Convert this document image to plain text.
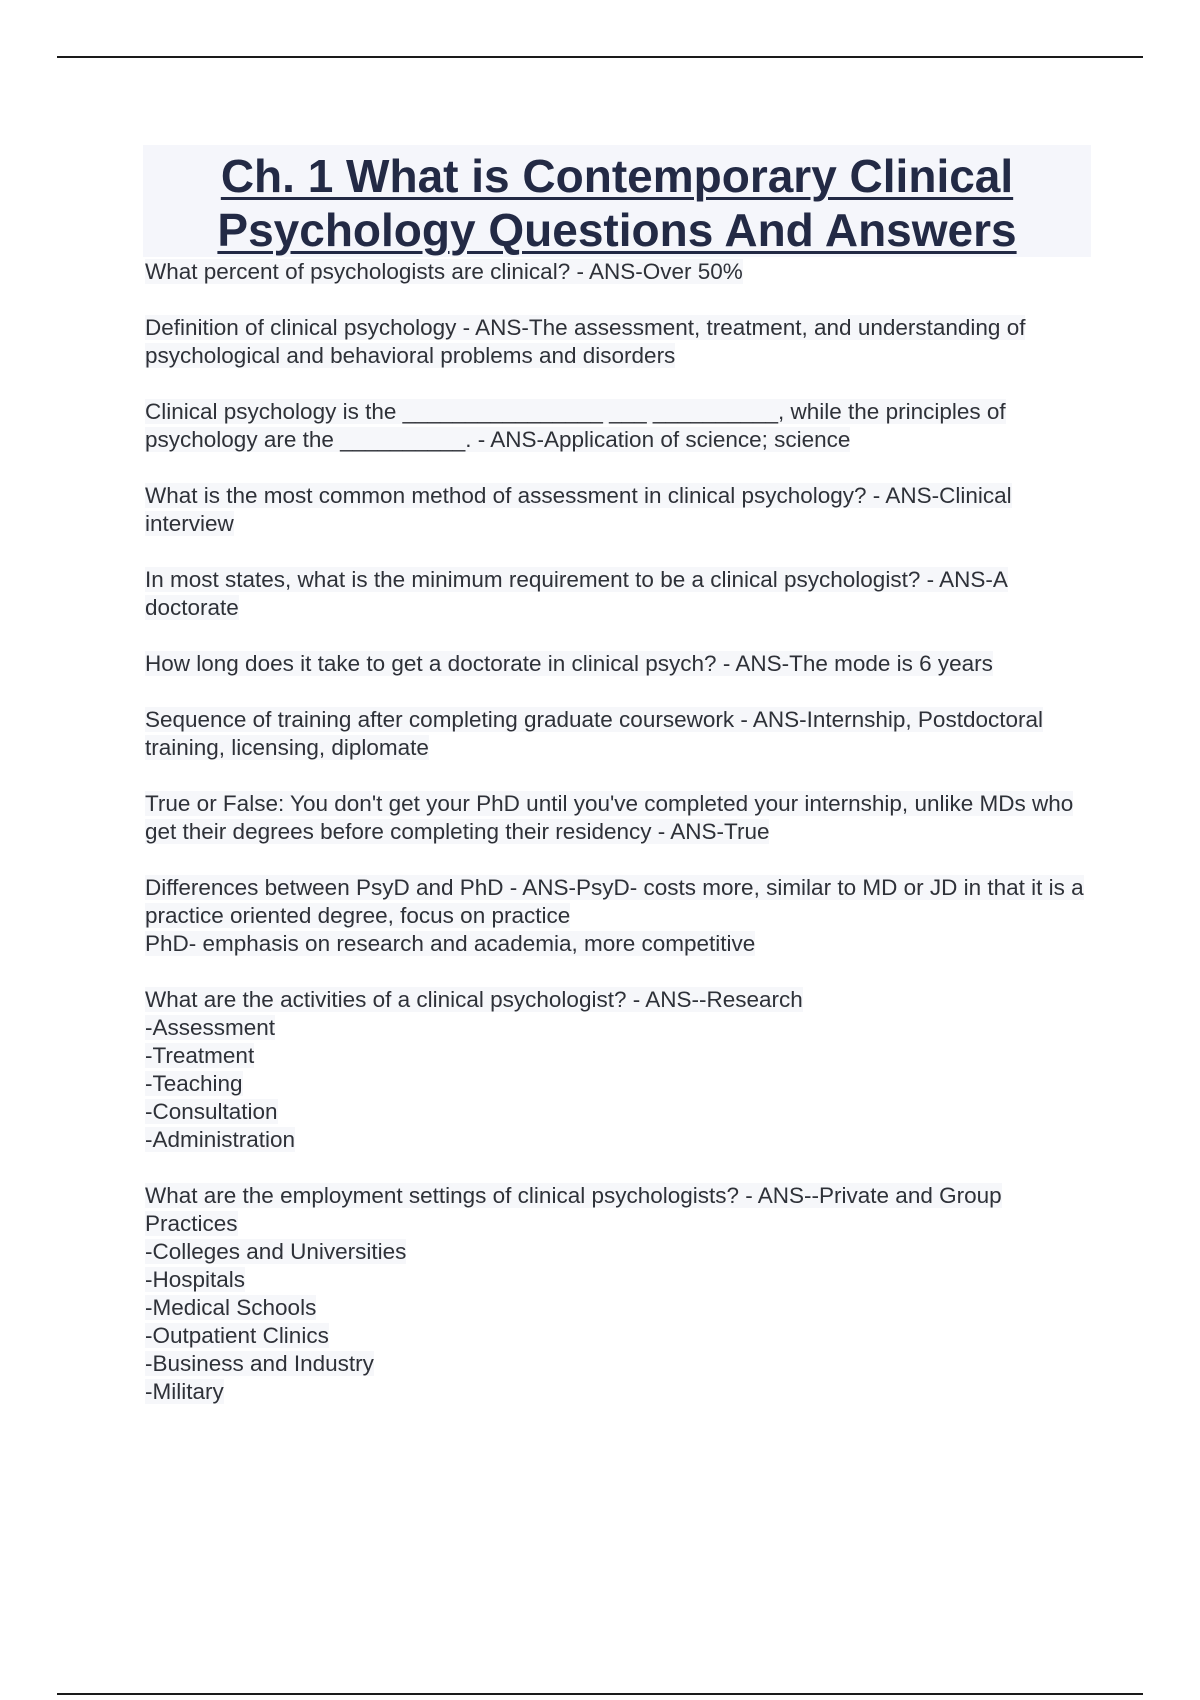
Ch. 1 What is Contemporary Clinical
Psychology Questions And Answers

What percent of psychologists are clinical? - ANS-Over 50%

Definition of clinical psychology - ANS-The assessment, treatment, and understanding of psychological and behavioral problems and disorders

Clinical psychology is the ________________ ___ __________, while the principles of psychology are the __________. - ANS-Application of science; science

What is the most common method of assessment in clinical psychology? - ANS-Clinical interview

In most states, what is the minimum requirement to be a clinical psychologist? - ANS-A doctorate

How long does it take to get a doctorate in clinical psych? - ANS-The mode is 6 years

Sequence of training after completing graduate coursework - ANS-Internship, Postdoctoral training, licensing, diplomate

True or False: You don't get your PhD until you've completed your internship, unlike MDs who get their degrees before completing their residency - ANS-True

Differences between PsyD and PhD - ANS-PsyD- costs more, similar to MD or JD in that it is a practice oriented degree, focus on practice
PhD- emphasis on research and academia, more competitive

What are the activities of a clinical psychologist? - ANS--Research
-Assessment
-Treatment
-Teaching
-Consultation
-Administration

What are the employment settings of clinical psychologists? - ANS--Private and Group Practices
-Colleges and Universities
-Hospitals
-Medical Schools
-Outpatient Clinics
-Business and Industry
-Military
